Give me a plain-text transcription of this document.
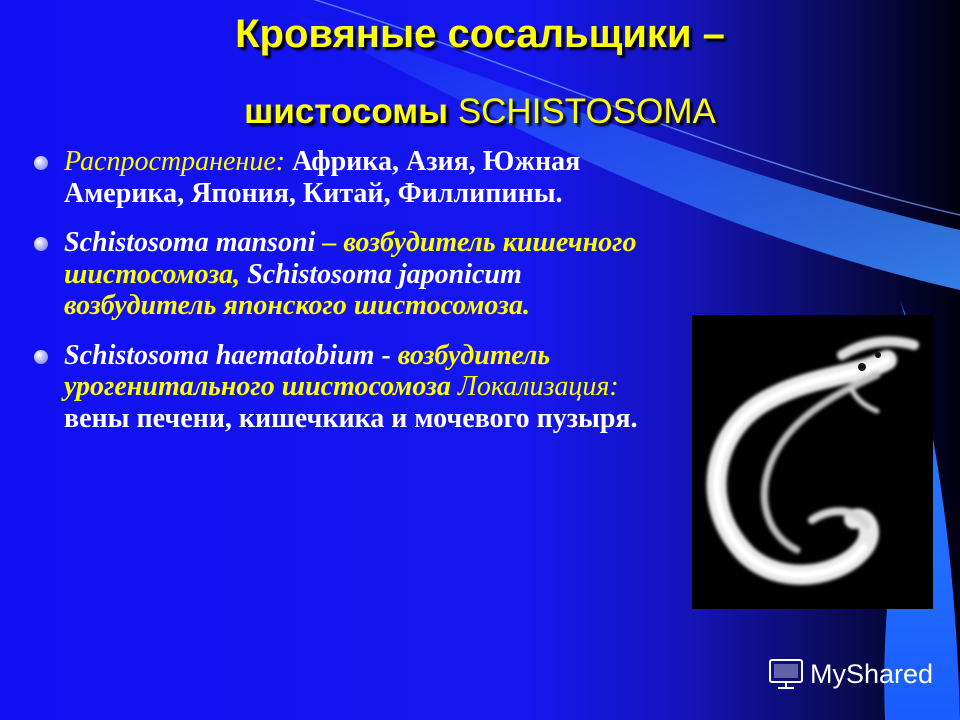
Кровяные сосальщики –
шистосомы SCHISTOSOMA
Распространение: Африка, Азия, Южная Америка, Япония, Китай, Филлипины.
Schistosoma mansoni – возбудитель кишечного шистосомоза, Schistosoma japonicum возбудитель японского шистосомоза.
Schistosoma haematobium - возбудитель урогенитального шистосомоза Локализация: вены печени, кишечкика и мочевого пузыря.
MyShared
